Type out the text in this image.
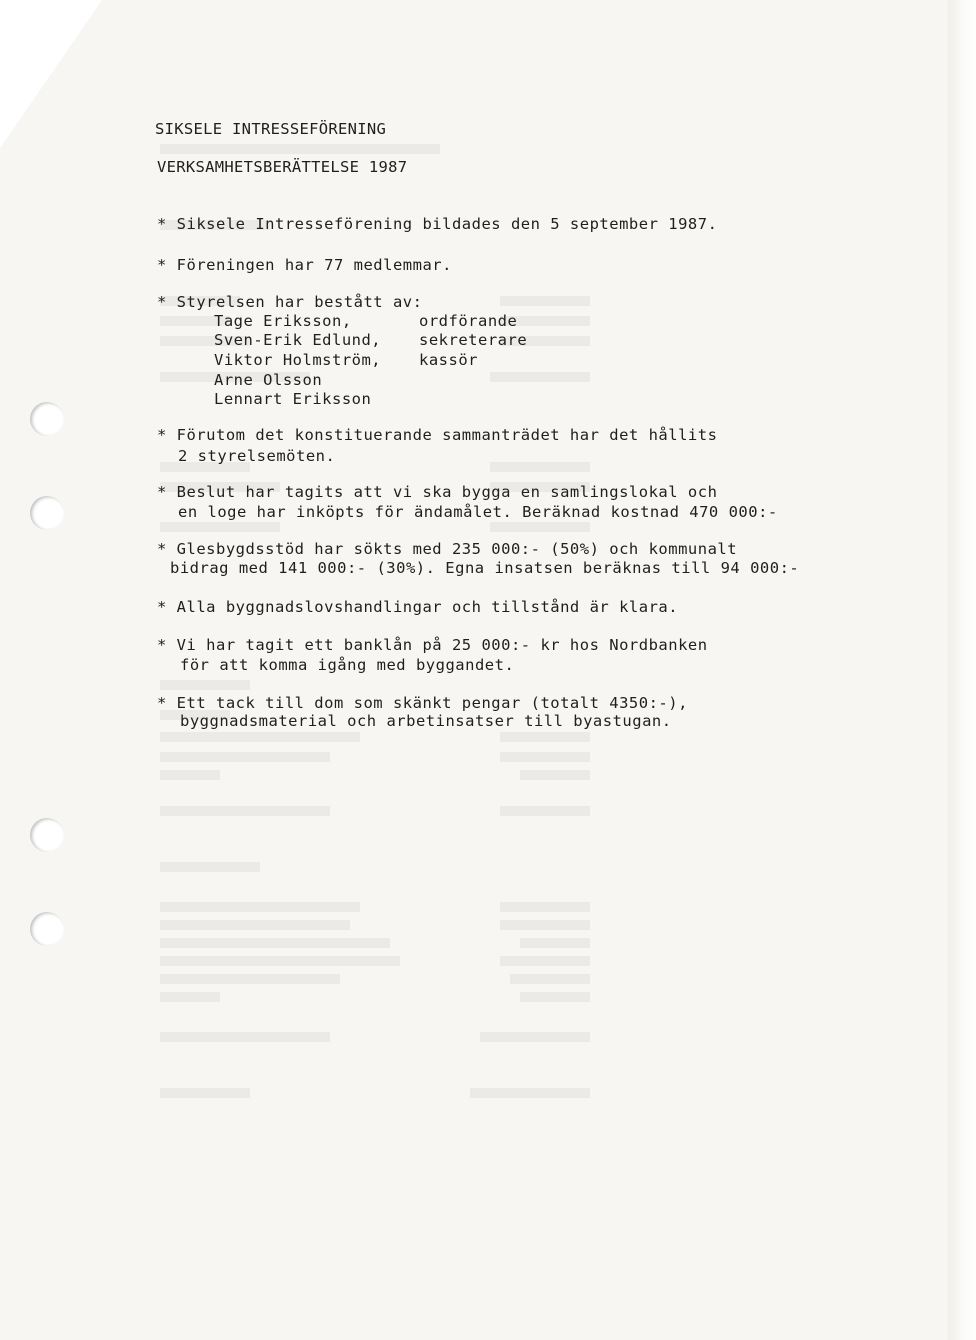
SIKSELE INTRESSEFÖRENING
VERKSAMHETSBERÄTTELSE 1987
* Siksele Intresseförening bildades den 5 september 1987.
* Föreningen har 77 medlemmar.
* Styrelsen har bestått av:
Tage Eriksson,	ordförande
Sven-Erik Edlund, sekreterare
Viktor Holmström, kassör
Arne Olsson
Lennart Eriksson
* Förutom det konstituerande sammanträdet har det hållits
2 styrelsemöten.
* Beslut har tagits att vi ska bygga en samlingslokal och
en loge har inköpts för ändamålet. Beräknad kostnad 470 000:-
* Glesbygdsstöd har sökts med 235 000:- (50%) och kommunalt
bidrag med 141 000:- (30%). Egna insatsen beräknas till 94 000:-
* Alla byggnadslovshandlingar och tillstånd är klara.
* Vi har tagit ett banklån på 25 000:- kr hos Nordbanken
för att komma igång med byggandet.
* Ett tack till dom som skänkt pengar (totalt 4350:-),
byggnadsmaterial och arbetinsatser till byastugan.
